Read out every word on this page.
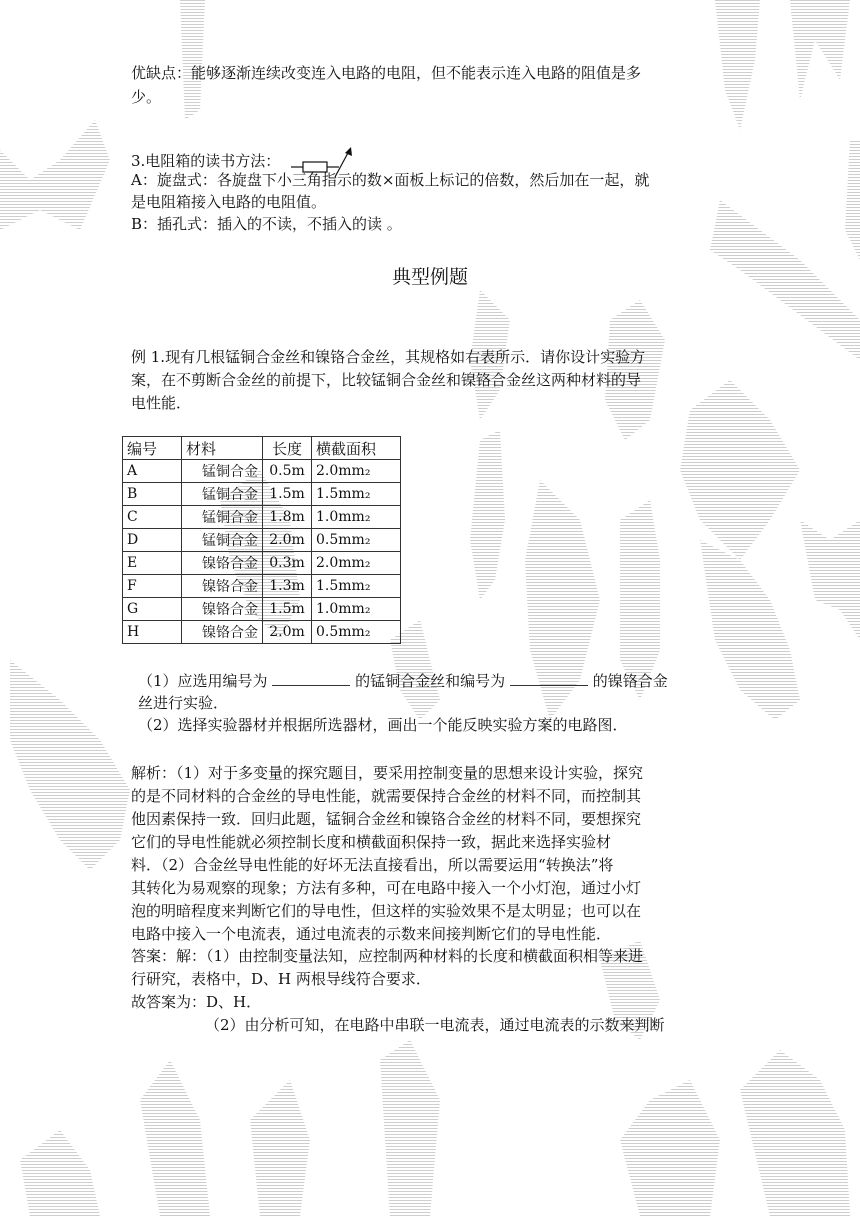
优缺点：能够逐渐连续改变连入电路的电阻，但不能表示连入电路的阻值是多
少。
3.电阻箱的读书方法：
A：旋盘式：各旋盘下小三角指示的数×面板上标记的倍数，然后加在一起，就
是电阻箱接入电路的电阻值。
B：插孔式：插入的不读，不插入的读 。
典型例题
例 1.现有几根锰铜合金丝和镍铬合金丝，其规格如右表所示．请你设计实验方
案，在不剪断合金丝的前提下，比较锰铜合金丝和镍铬合金丝这两种材料的导
电性能．
编号	材料	长度	横截面积
A	锰铜合金	0.5m	2.0mm₂
B	锰铜合金	1.5m	1.5mm₂
C	锰铜合金	1.8m	1.0mm₂
D	锰铜合金	2.0m	0.5mm₂
E	镍铬合金	0.3m	2.0mm₂
F	镍铬合金	1.3m	1.5mm₂
G	镍铬合金	1.5m	1.0mm₂
H	镍铬合金	2.0m	0.5mm₂
（1）应选用编号为	的锰铜合金丝和编号为	的镍铬合金
丝进行实验．
（2）选择实验器材并根据所选器材，画出一个能反映实验方案的电路图．
解析：（1）对于多变量的探究题目，要采用控制变量的思想来设计实验，探究
的是不同材料的合金丝的导电性能，就需要保持合金丝的材料不同，而控制其
他因素保持一致．回归此题，锰铜合金丝和镍铬合金丝的材料不同，要想探究
它们的导电性能就必须控制长度和横截面积保持一致，据此来选择实验材
料．（2）合金丝导电性能的好坏无法直接看出，所以需要运用“转换法”将
其转化为易观察的现象；方法有多种，可在电路中接入一个小灯泡，通过小灯
泡的明暗程度来判断它们的导电性，但这样的实验效果不是太明显；也可以在
电路中接入一个电流表，通过电流表的示数来间接判断它们的导电性能．
答案：解：（1）由控制变量法知，应控制两种材料的长度和横截面积相等来进
行研究，表格中，D、H 两根导线符合要求．
故答案为：D、H．
（2）由分析可知，在电路中串联一电流表，通过电流表的示数来判断
